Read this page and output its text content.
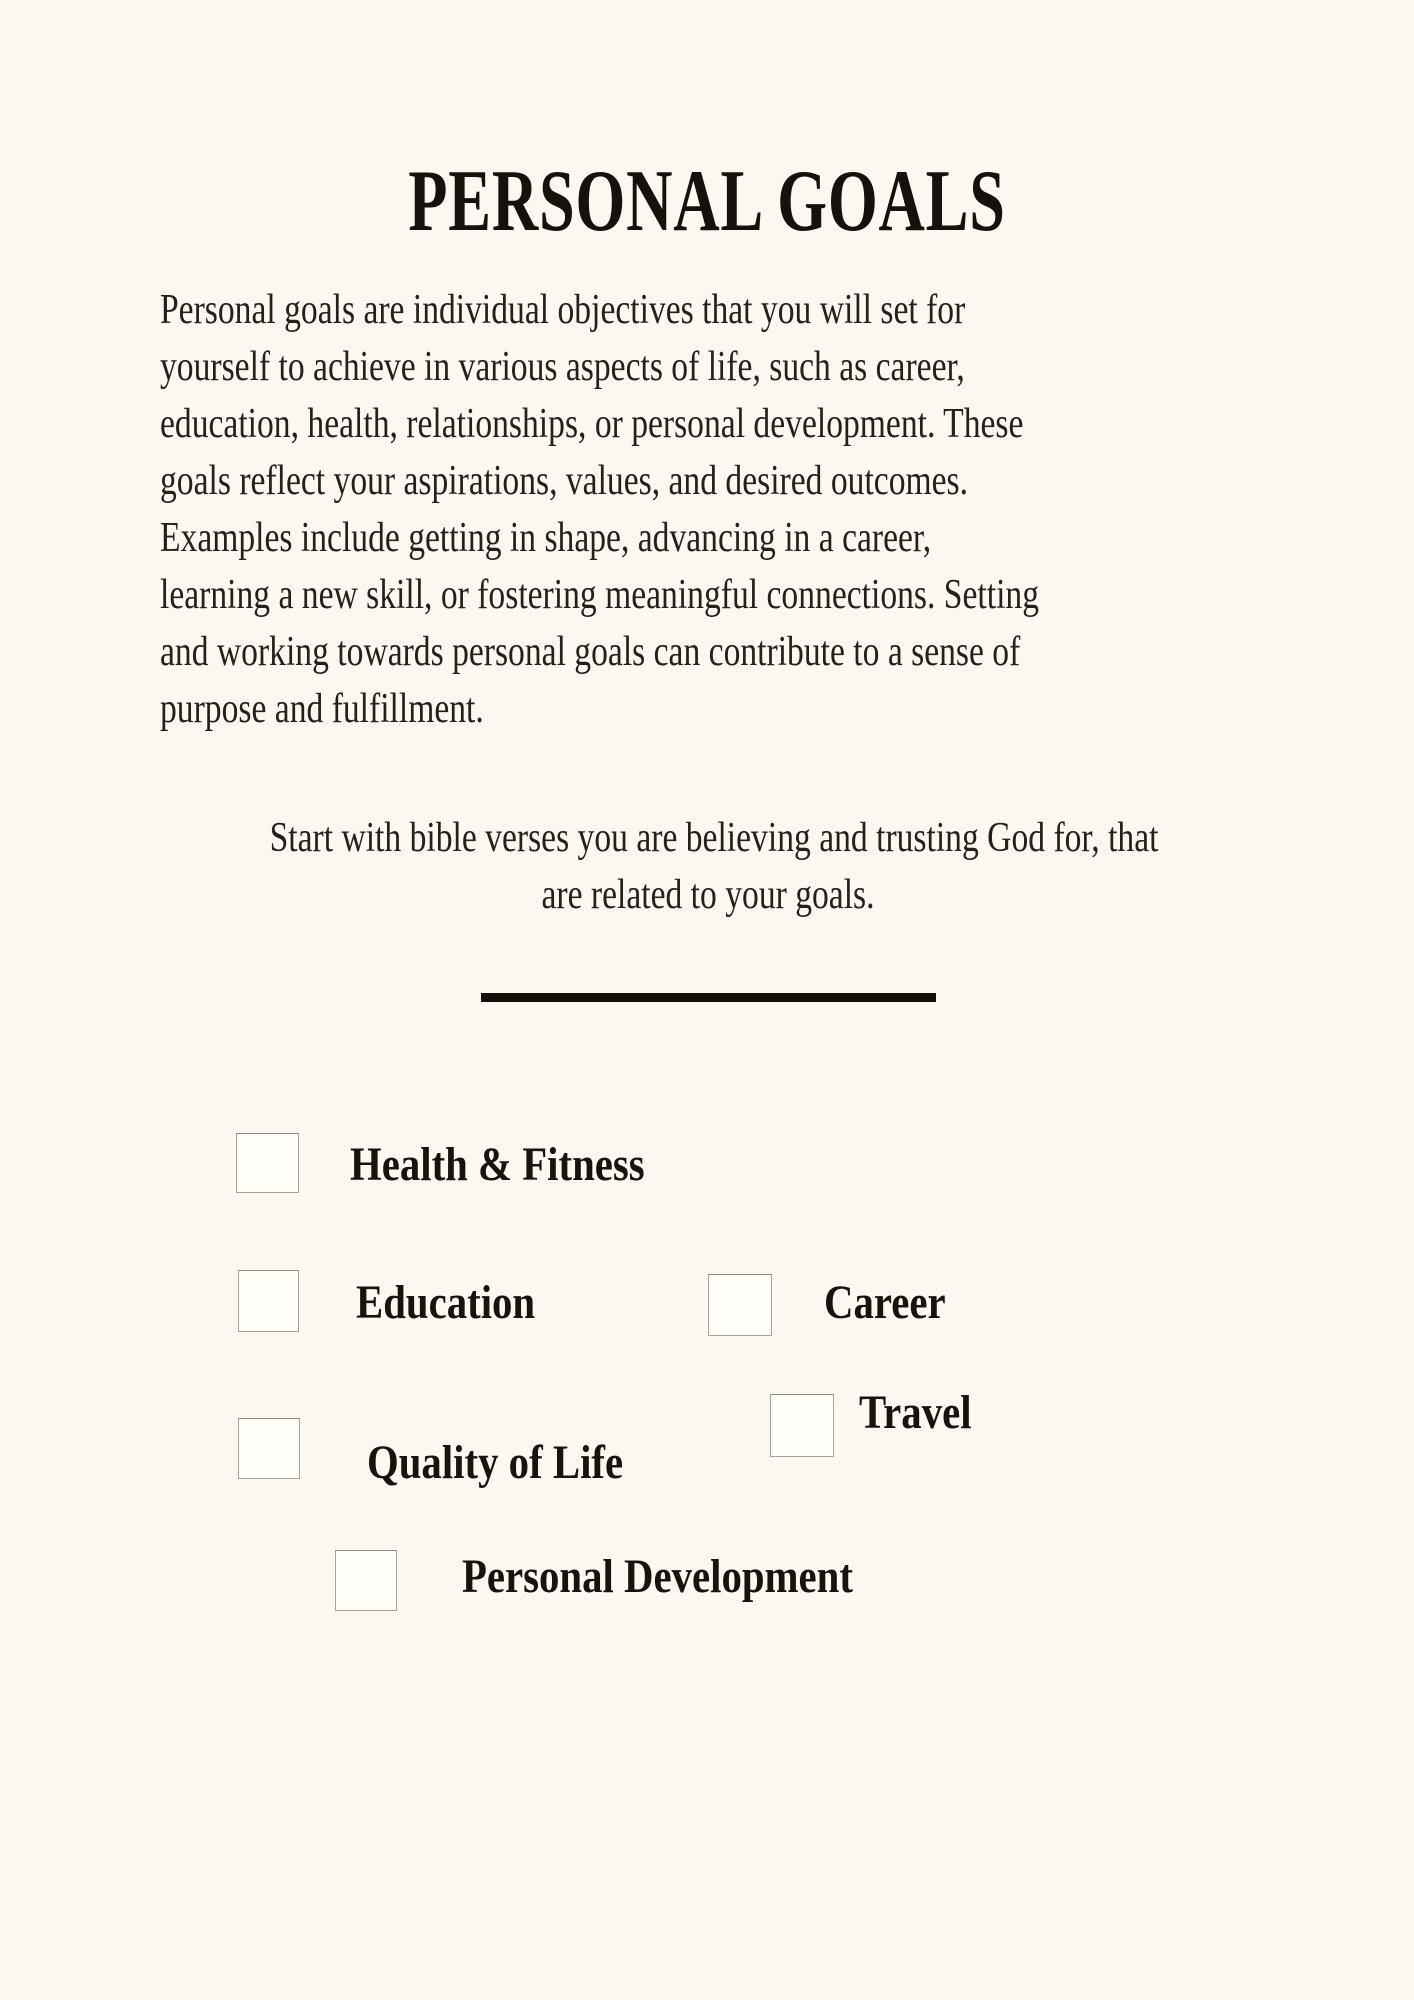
PERSONAL GOALS
Personal goals are individual objectives that you will set for
yourself to achieve in various aspects of life, such as career,
education, health, relationships, or personal development. These
goals reflect your aspirations, values, and desired outcomes.
Examples include getting in shape, advancing in a career,
learning a new skill, or fostering meaningful connections. Setting
and working towards personal goals can contribute to a sense of
purpose and fulfillment.
Start with bible verses you are believing and trusting God for, that
are related to your goals.
Health & Fitness
Education	Career
Quality of Life
Travel
Personal Development
